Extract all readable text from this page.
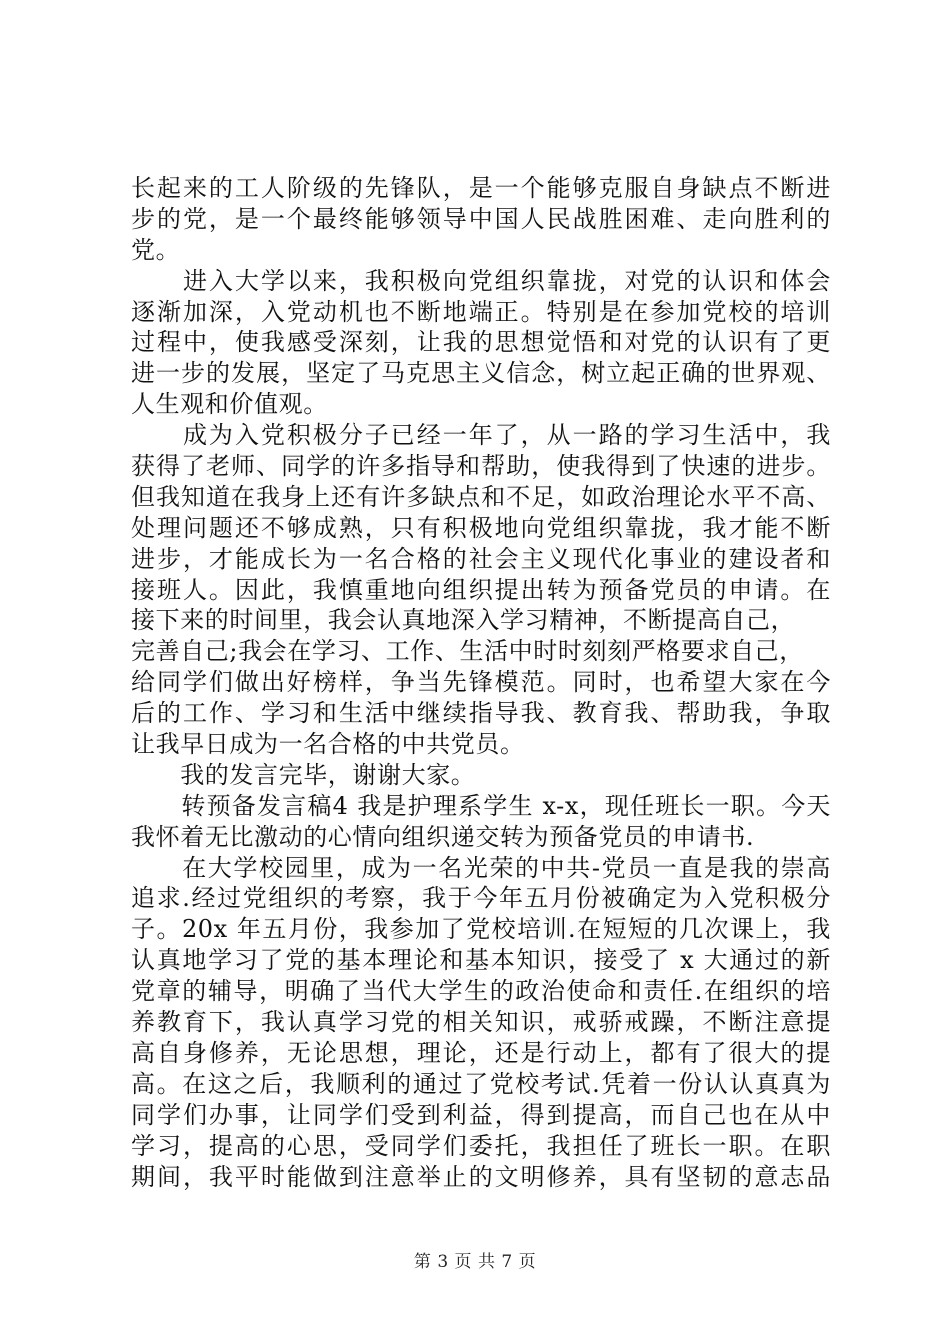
长起来的工人阶级的先锋队，是一个能够克服自身缺点不断进
步的党，是一个最终能够领导中国人民战胜困难、走向胜利的
党。
　　进入大学以来，我积极向党组织靠拢，对党的认识和体会
逐渐加深，入党动机也不断地端正。特别是在参加党校的培训
过程中，使我感受深刻，让我的思想觉悟和对党的认识有了更
进一步的发展，坚定了马克思主义信念，树立起正确的世界观、
人生观和价值观。
　　成为入党积极分子已经一年了，从一路的学习生活中，我
获得了老师、同学的许多指导和帮助，使我得到了快速的进步。
但我知道在我身上还有许多缺点和不足，如政治理论水平不高、
处理问题还不够成熟，只有积极地向党组织靠拢，我才能不断
进步，才能成长为一名合格的社会主义现代化事业的建设者和
接班人。因此，我慎重地向组织提出转为预备党员的申请。在
接下来的时间里，我会认真地深入学习精神，不断提高自己，
完善自己;我会在学习、工作、生活中时时刻刻严格要求自己，
给同学们做出好榜样，争当先锋模范。同时，也希望大家在今
后的工作、学习和生活中继续指导我、教育我、帮助我，争取
让我早日成为一名合格的中共党员。
　　我的发言完毕，谢谢大家。
　　转预备发言稿4 我是护理系学生 x-x，现任班长一职。今天
我怀着无比激动的心情向组织递交转为预备党员的申请书.
　　在大学校园里，成为一名光荣的中共-党员一直是我的崇高
追求.经过党组织的考察，我于今年五月份被确定为入党积极分
子。20x 年五月份，我参加了党校培训.在短短的几次课上，我
认真地学习了党的基本理论和基本知识，接受了 x 大通过的新
党章的辅导，明确了当代大学生的政治使命和责任.在组织的培
养教育下，我认真学习党的相关知识，戒骄戒躁，不断注意提
高自身修养，无论思想，理论，还是行动上，都有了很大的提
高。在这之后，我顺利的通过了党校考试.凭着一份认认真真为
同学们办事，让同学们受到利益，得到提高，而自己也在从中
学习，提高的心思，受同学们委托，我担任了班长一职。在职
期间，我平时能做到注意举止的文明修养，具有坚韧的意志品
第 3 页 共 7 页
